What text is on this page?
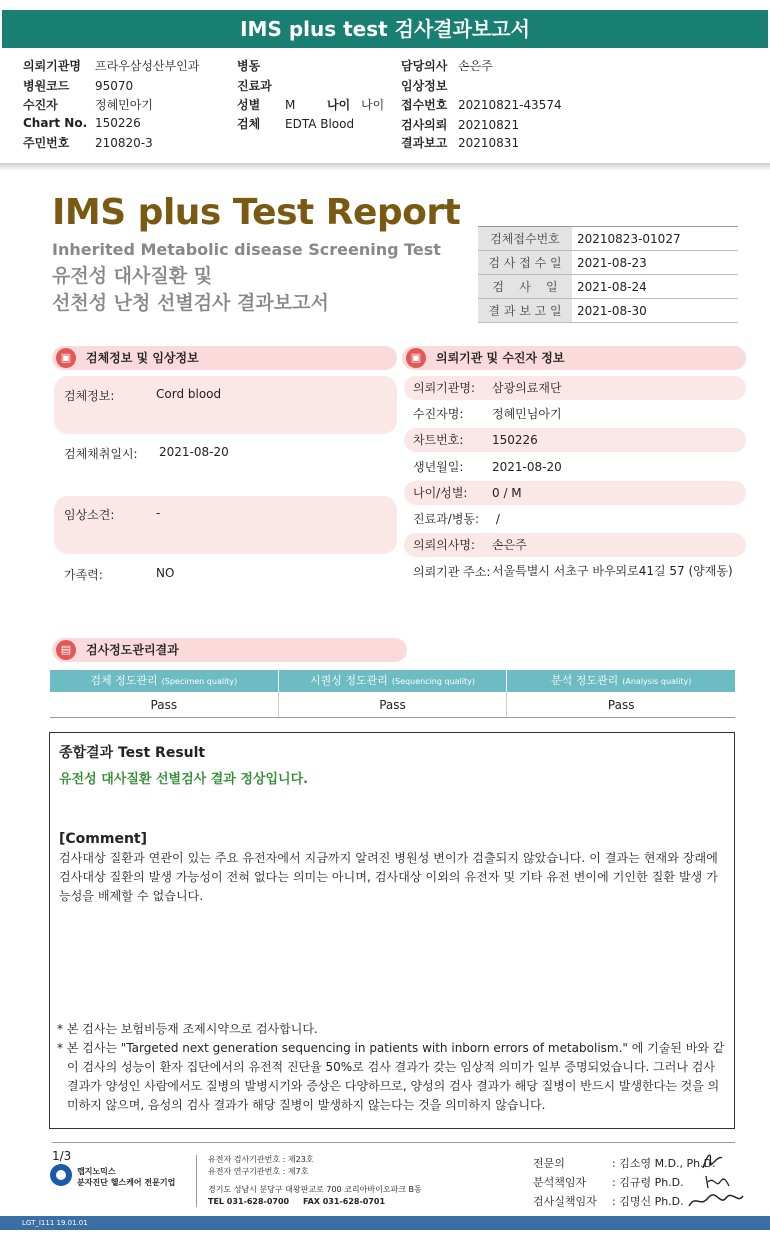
IMS plus test 검사결과보고서
의뢰기관명 프라우삼성산부인과
병원코드 95070
수진자	정혜민아기
Chart No. 150226
주민번호 210820-3
병동
진료과
성별 M	나이 나이
검체 EDTA Blood
담당의사 손은주
임상정보
접수번호 20210821-43574
검사의뢰 20210821
결과보고 20210831
IMS plus Test Report
Inherited Metabolic disease Screening Test
유전성 대사질환 및
선천성 난청 선별검사 결과보고서
검체접수번호	20210823-01027
검 사 접 수 일	2021-08-23
검    사    일	2021-08-24
결 과 보 고 일	2021-08-30
▣	검체정보 및 임상정보
검체정보:	Cord blood
검체채취일시: 2021-08-20
임상소견:	-
가족력:	NO
▣	의뢰기관 및 수진자 정보
의뢰기관명: 삼광의료재단
수진자명: 정혜민님아기
차트번호: 150226
생년월일: 2021-08-20
나이/성별: 0 / M
진료과/병동: /
의뢰의사명: 손은주
의뢰기관 주소: 서울특별시 서초구 바우뫼로41길 57 (양재동)
▤	검사정도관리결과
검체 정도관리 (Specimen quality)	시퀀싱 정도관리 (Sequencing quality)	분석 정도관리 (Analysis quality)
Pass	Pass	Pass
종합결과 Test Result
유전성 대사질환 선별검사 결과 정상입니다.
[Comment]
검사대상 질환과 연관이 있는 주요 유전자에서 지금까지 알려진 병원성 변이가 검출되지 않았습니다. 이 결과는 현재와 장래에 검사대상 질환의 발생 가능성이 전혀 없다는 의미는 아니며, 검사대상 이외의 유전자 및 기타 유전 변이에 기인한 질환 발생 가능성을 배제할 수 없습니다.
* 본 검사는 보험비등재 조제시약으로 검사합니다.
* 본 검사는 "Targeted next generation sequencing in patients with inborn errors of metabolism." 에 기술된 바와 같이 검사의 성능이 환자 집단에서의 유전적 진단율 50%로 검사 결과가 갖는 임상적 의미가 일부 증명되었습니다. 그러나 검사 결과가 양성인 사람에서도 질병의 발병시기와 증상은 다양하므로, 양성의 검사 결과가 해당 질병이 반드시 발생한다는 것을 의미하지 않으며, 음성의 검사 결과가 해당 질병이 발생하지 않는다는 것을 의미하지 않습니다.
1/3
랩지노믹스
분자진단 헬스케어 전문기업
유전자 검사기관번호 : 제23호
유전자 연구기관번호 : 제7호
경기도 성남시 분당구 대왕판교로 700 코리아바이오파크 B동
TEL 031-628-0700     FAX 031-628-0701
전문의	: 김소영 M.D., Ph.D.
분석책임자	: 김규령 Ph.D.
검사실책임자	: 김명신 Ph.D.
LGT_I111 19.01.01
